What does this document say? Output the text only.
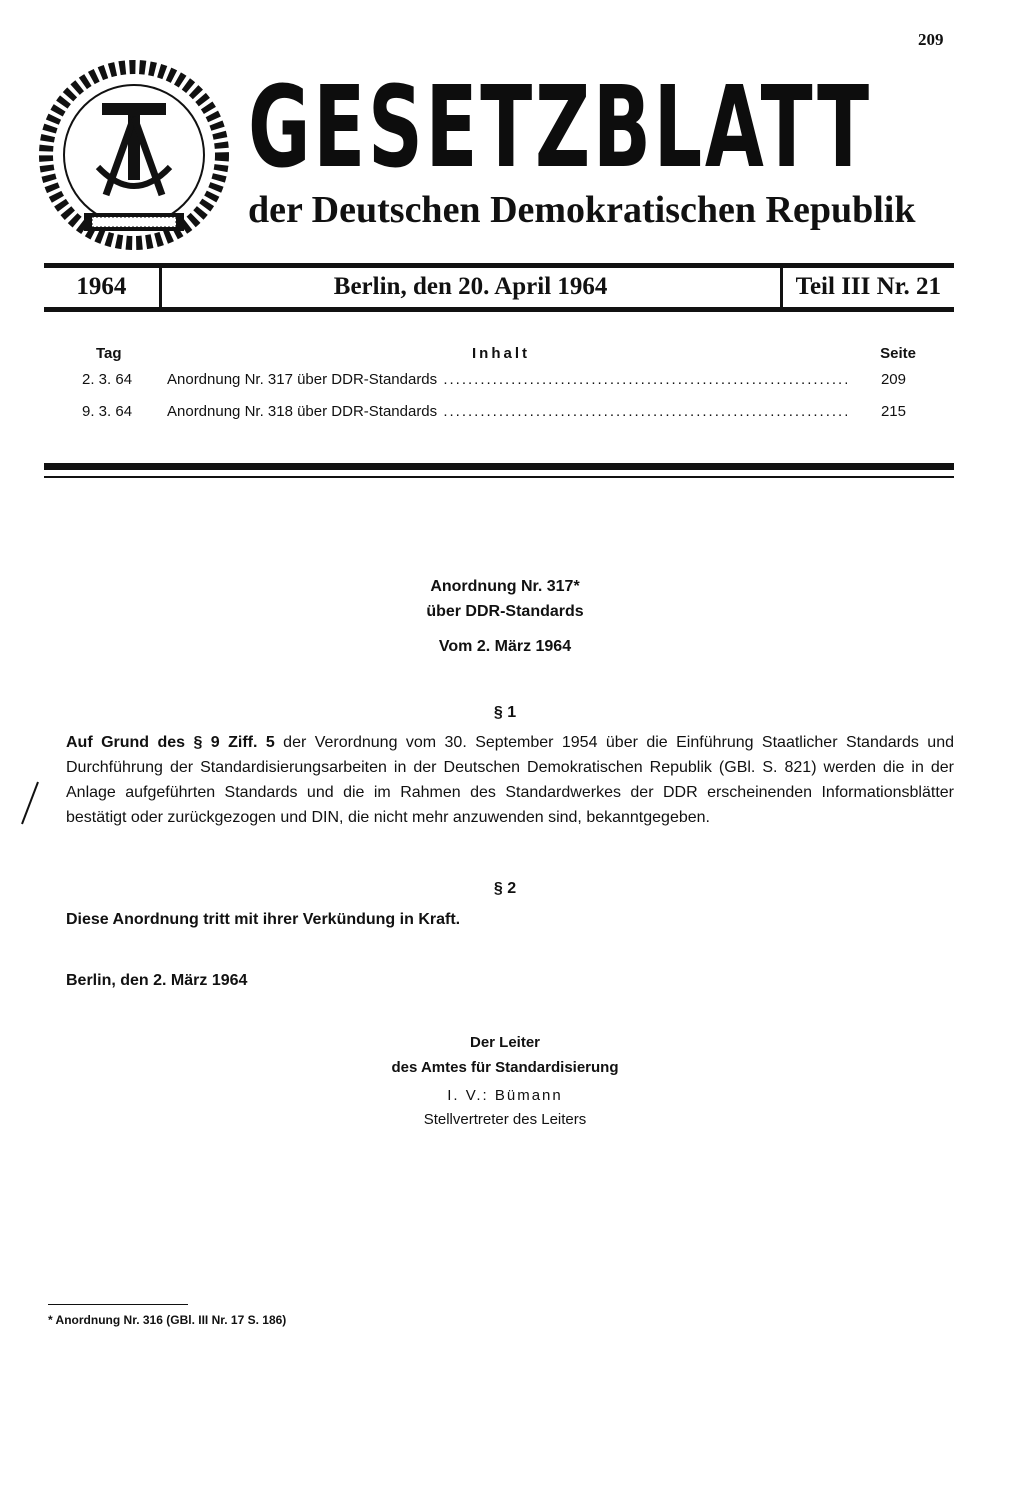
209
GESETZBLATT
der Deutschen Demokratischen Republik
1964	Berlin, den 20. April 1964	Teil III Nr. 21
Tag	Inhalt	Seite
2. 3. 64	Anordnung Nr. 317 über DDR-Standards .....	209
9. 3. 64	Anordnung Nr. 318 über DDR-Standards .....	215
Anordnung Nr. 317*
über DDR-Standards
Vom 2. März 1964
§ 1
Auf Grund des § 9 Ziff. 5 der Verordnung vom 30. September 1954 über die Einführung Staatlicher Standards und Durchführung der Standardisierungsarbeiten in der Deutschen Demokratischen Republik (GBl. S. 821) werden die in der Anlage aufgeführten Standards und die im Rahmen des Standardwerkes der DDR erscheinenden Informationsblätter bestätigt oder zurückgezogen und DIN, die nicht mehr anzuwenden sind, bekanntgegeben.
§ 2
Diese Anordnung tritt mit ihrer Verkündung in Kraft.
Berlin, den 2. März 1964
Der Leiter
des Amtes für Standardisierung
I. V.: Bümann
Stellvertreter des Leiters
* Anordnung Nr. 316 (GBl. III Nr. 17 S. 186)
